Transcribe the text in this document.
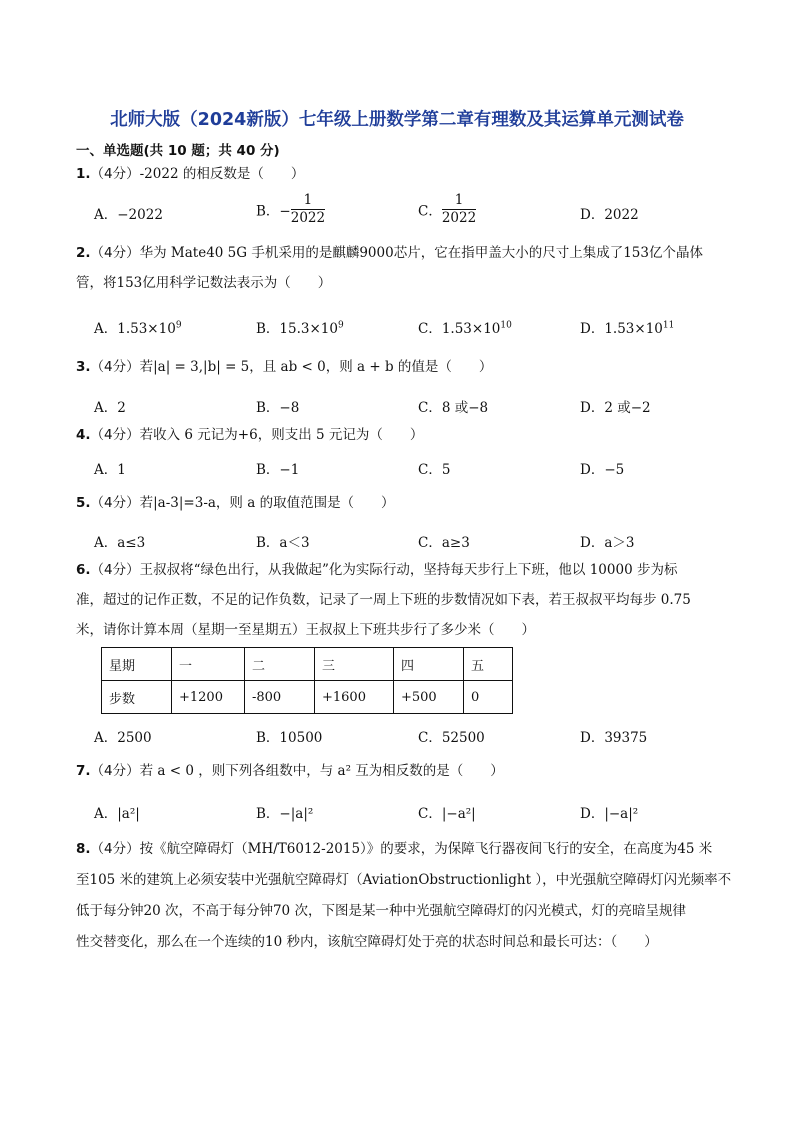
北师大版（2024新版）七年级上册数学第二章有理数及其运算单元测试卷
一、单选题(共 10 题；共 40 分)
1.（4分）-2022 的相反数是（　　）
A．−2022	B．− $\frac{1}{2022}$	C． $\frac{1}{2022}$	D．2022
2.（4分）华为 Mate40 5G 手机采用的是麒麟9000芯片，它在指甲盖大小的尺寸上集成了153亿个晶体
管，将153亿用科学记数法表示为（　　）
A．$1.53\times 10^9$	B．$15.3\times 10^9$	C．$1.53\times 10^{10}$	D．$1.53\times 10^{11}$
3.（4分）若|a| = 3,|b| = 5，且 ab < 0，则 a + b 的值是（　　）
A．2	B．−8	C．8 或−8	D．2 或−2
4.（4分）若收入 6 元记为+6，则支出 5 元记为（　　）
A．1	B．−1	C．5	D．−5
5.（4分）若|a-3|=3-a，则 a 的取值范围是（　　）
A．a≤3	B．a＜3	C．a≥3	D．a＞3
6.（4分）王叔叔将“绿色出行，从我做起”化为实际行动，坚持每天步行上下班，他以 10000 步为标
准，超过的记作正数，不足的记作负数，记录了一周上下班的步数情况如下表，若王叔叔平均每步 0.75
米，请你计算本周（星期一至星期五）王叔叔上下班共步行了多少米（　　）
星期	一	二	三	四	五
步数	+1200	-800	+1600	+500	0
A．2500	B．10500	C．52500	D．39375
7.（4分）若 a < 0 ，则下列各组数中，与 a² 互为相反数的是（　　）
A．|a²|	B．−|a|²	C．|−a²|	D．|−a|²
8.（4分）按《航空障碍灯（MH/T6012-2015）》的要求，为保障飞行器夜间飞行的安全，在高度为45 米
至105 米的建筑上必须安装中光强航空障碍灯（AviationObstructionlight ），中光强航空障碍灯闪光频率不
低于每分钟20 次，不高于每分钟70 次，下图是某一种中光强航空障碍灯的闪光模式，灯的亮暗呈规律
性交替变化，那么在一个连续的10 秒内，该航空障碍灯处于亮的状态时间总和最长可达：（　　）
